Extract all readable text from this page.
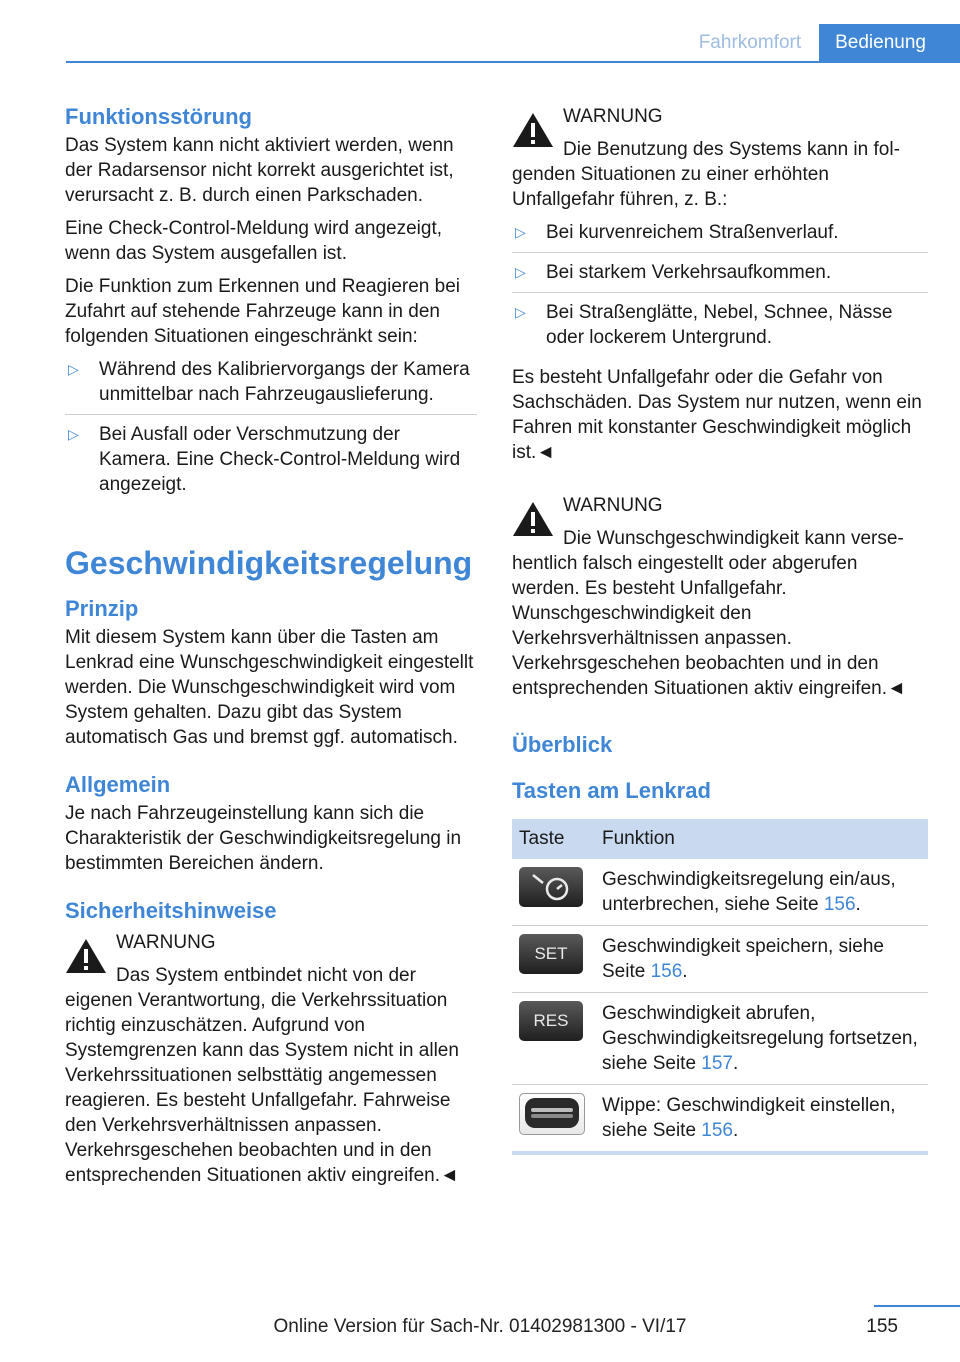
Fahrkomfort	Bedienung
Funktionsstörung

Das System kann nicht aktiviert werden, wenn der Radarsensor nicht korrekt ausgerichtet ist, verursacht z. B. durch einen Parkschaden.

Eine Check-Control-Meldung wird angezeigt, wenn das System ausgefallen ist.

Die Funktion zum Erkennen und Reagieren bei Zufahrt auf stehende Fahrzeuge kann in den folgenden Situationen eingeschränkt sein:

▷ Während des Kalibriervorgangs der Kamera unmittelbar nach Fahrzeugauslieferung.
▷ Bei Ausfall oder Verschmutzung der Kamera. Eine Check-Control-Meldung wird angezeigt.
Geschwindigkeitsregelung
Prinzip

Mit diesem System kann über die Tasten am Lenkrad eine Wunschgeschwindigkeit eingestellt werden. Die Wunschgeschwindigkeit wird vom System gehalten. Dazu gibt das System automatisch Gas und bremst ggf. automatisch.

Allgemein

Je nach Fahrzeugeinstellung kann sich die Charakteristik der Geschwindigkeitsregelung in bestimmten Bereichen ändern.

Sicherheitshinweise

WARNUNG

Das System entbindet nicht von der eigenen Verantwortung, die Verkehrssituation richtig einzuschätzen. Aufgrund von Systemgrenzen kann das System nicht in allen Verkehrssituationen selbsttätig angemessen reagieren. Es besteht Unfallgefahr. Fahrweise den Verkehrsverhältnissen anpassen. Verkehrsgeschehen beobachten und in den entsprechenden Situationen aktiv eingreifen.◄

WARNUNG

Die Benutzung des Systems kann in fol-
genden Situationen zu einer erhöhten Unfallgefahr führen, z. B.:

▷ Bei kurvenreichem Straßenverlauf.
▷ Bei starkem Verkehrsaufkommen.
▷ Bei Straßenglätte, Nebel, Schnee, Nässe oder lockerem Untergrund.

Es besteht Unfallgefahr oder die Gefahr von Sachschäden. Das System nur nutzen, wenn ein Fahren mit konstanter Geschwindigkeit möglich ist.◄

WARNUNG

Die Wunschgeschwindigkeit kann verse-
hentlich falsch eingestellt oder abgerufen werden. Es besteht Unfallgefahr. Wunschgeschwindigkeit den Verkehrsverhältnissen anpassen. Verkehrsgeschehen beobachten und in den entsprechenden Situationen aktiv eingreifen.◄

Überblick
Tasten am Lenkrad
Taste	Funktion

	Geschwindigkeitsregelung ein/aus, unterbrechen, siehe Seite 156.

SET	Geschwindigkeit speichern, siehe Seite 156.

RES	Geschwindigkeit abrufen, Geschwindigkeitsregelung fortsetzen, siehe Seite 157.

	Wippe: Geschwindigkeit einstellen, siehe Seite 156.
155
Online Version für Sach-Nr. 01402981300 - VI/17
